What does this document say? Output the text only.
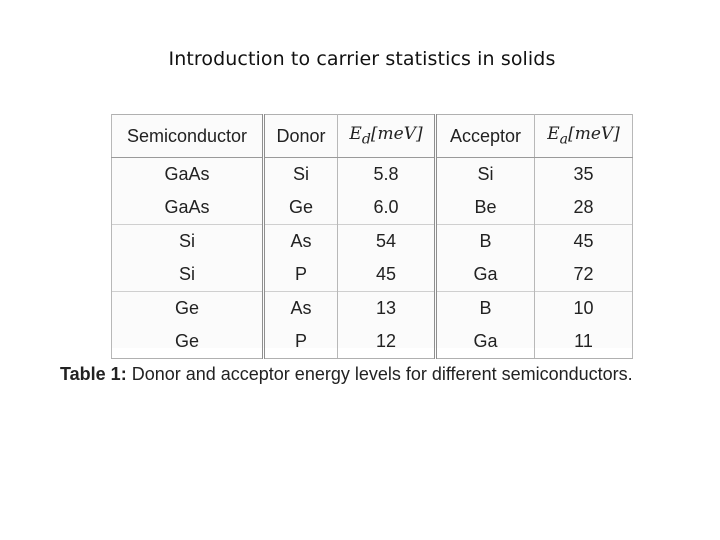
Introduction to carrier statistics in solids
Semiconductor	Donor	$E_d[meV]$	Acceptor	$E_a[meV]$
GaAs	Si	5.8	Si	35
GaAs	Ge	6.0	Be	28
Si	As	54	B	45
Si	P	45	Ga	72
Ge	As	13	B	10
Ge	P	12	Ga	11
Table 1: Donor and acceptor energy levels for different semiconductors.
